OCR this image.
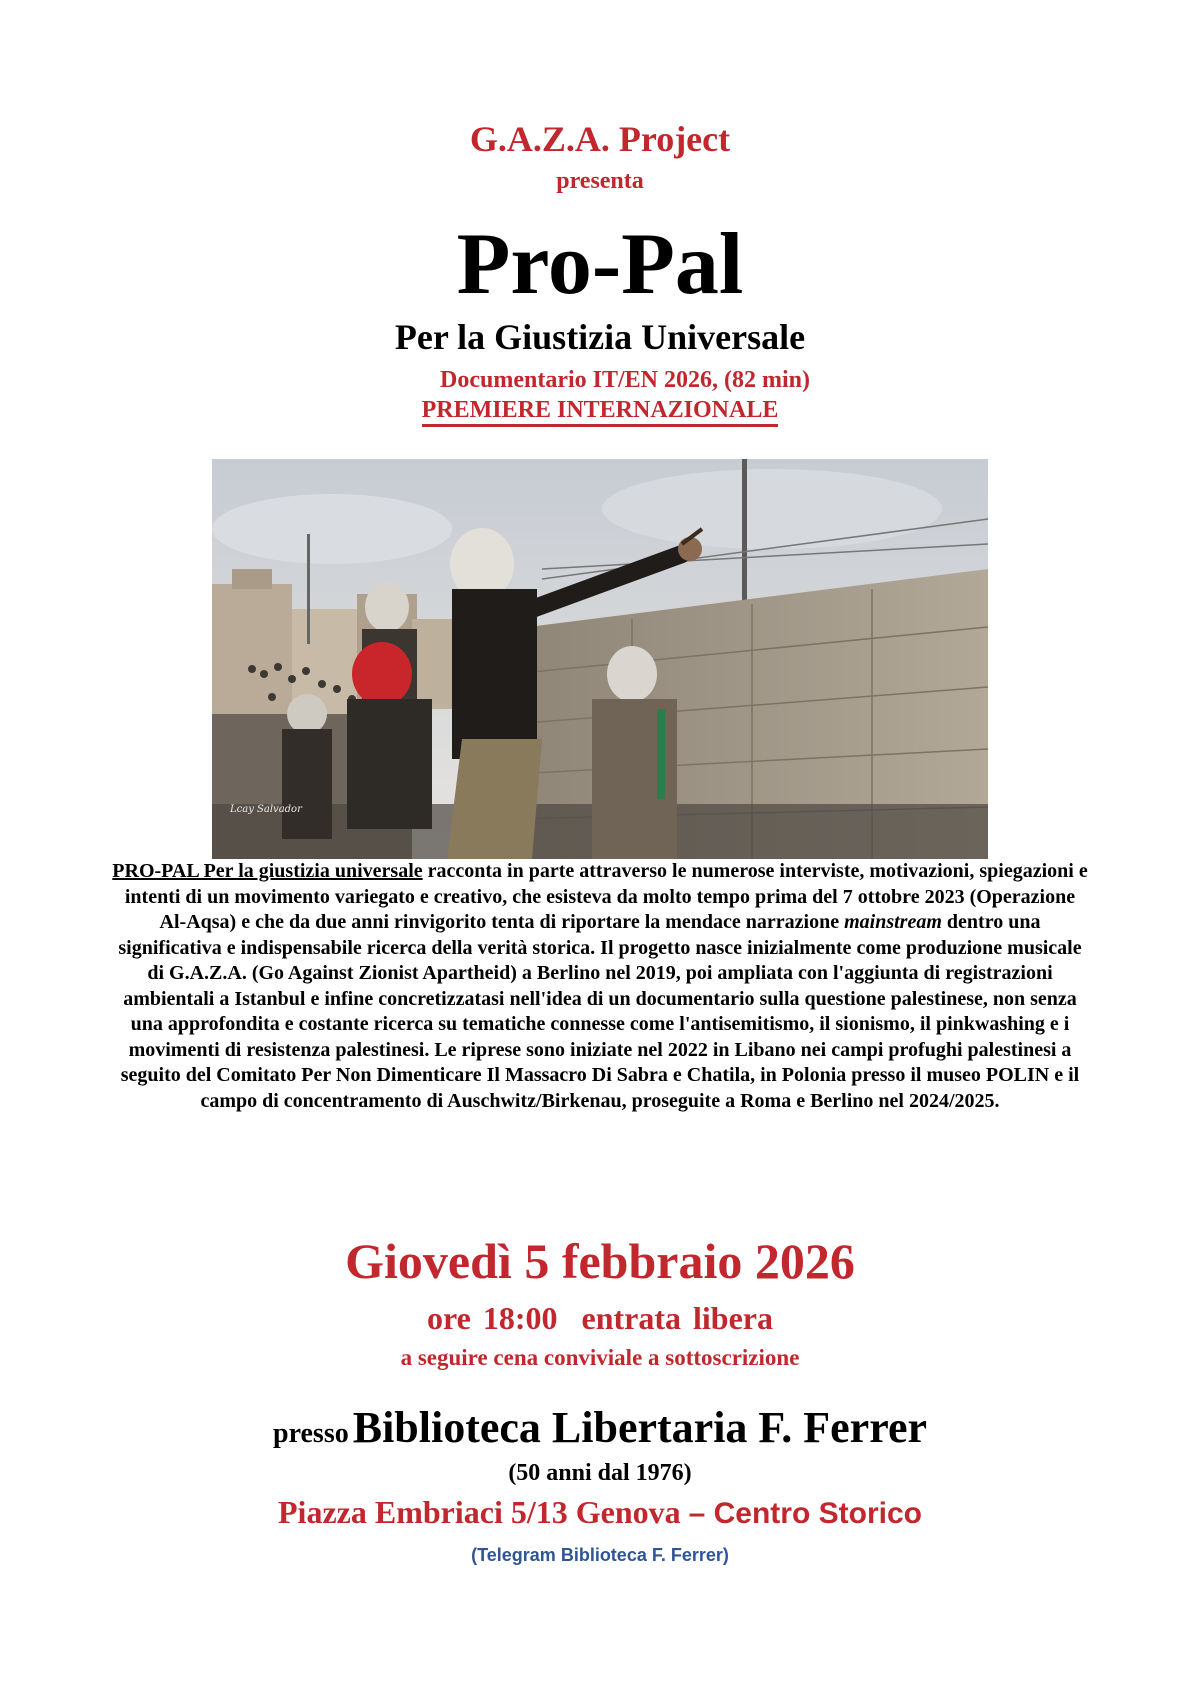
G.A.Z.A. Project
presenta
Pro-Pal
Per la Giustizia Universale
Documentario IT/EN 2026, (82 min)
PREMIERE INTERNAZIONALE
Lcay Salvador
PRO-PAL Per la giustizia universale racconta in parte attraverso le numerose interviste, motivazioni, spiegazioni e intenti di un movimento variegato e creativo, che esisteva da molto tempo prima del 7 ottobre 2023 (Operazione Al-Aqsa) e che da due anni rinvigorito tenta di riportare la mendace narrazione mainstream dentro una significativa e indispensabile ricerca della verità storica. Il progetto nasce inizialmente come produzione musicale di G.A.Z.A. (Go Against Zionist Apartheid) a Berlino nel 2019, poi ampliata con l'aggiunta di registrazioni ambientali a Istanbul e infine concretizzatasi nell'idea di un documentario sulla questione palestinese, non senza una approfondita e costante ricerca su tematiche connesse come l'antisemitismo, il sionismo, il pinkwashing e i movimenti di resistenza palestinesi. Le riprese sono iniziate nel 2022 in Libano nei campi profughi palestinesi a seguito del Comitato Per Non Dimenticare Il Massacro Di Sabra e Chatila, in Polonia presso il museo POLIN e il campo di concentramento di Auschwitz/Birkenau, proseguite a Roma e Berlino nel 2024/2025.
Giovedì 5 febbraio 2026
ore 18:00  entrata libera
a seguire cena conviviale a sottoscrizione
presso Biblioteca Libertaria F. Ferrer
(50 anni dal 1976)
Piazza Embriaci 5/13 Genova – Centro Storico
(Telegram Biblioteca F. Ferrer)
